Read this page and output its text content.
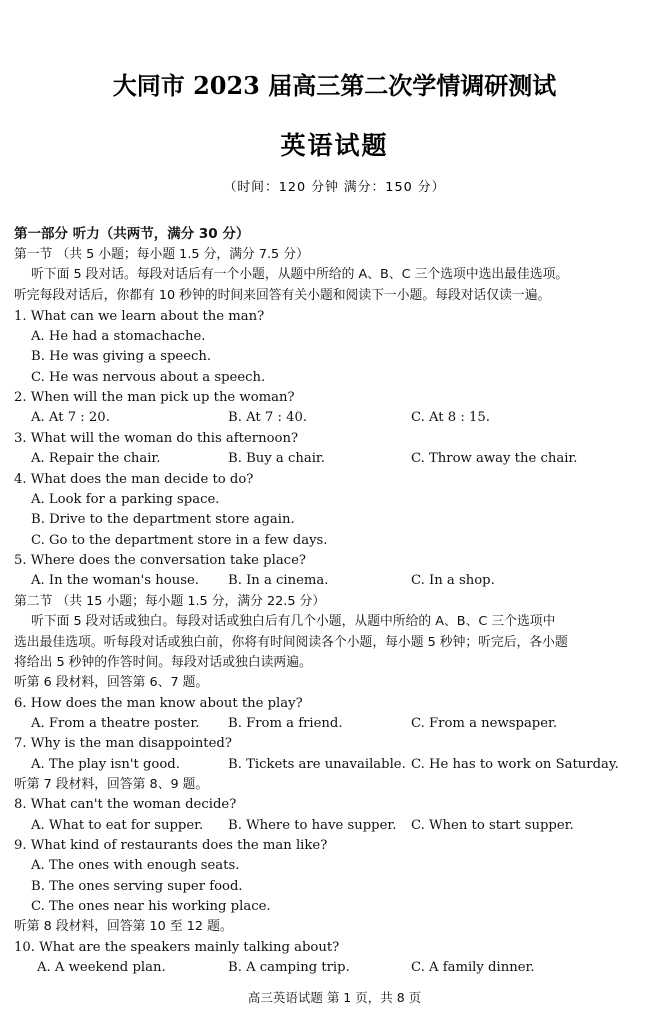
大同市 2023 届高三第二次学情调研测试
英语试题
（时间：120 分钟 满分：150 分）
第一部分 听力（共两节，满分 30 分）
第一节 （共 5 小题；每小题 1.5 分，满分 7.5 分）
听下面 5 段对话。每段对话后有一个小题，从题中所给的 A、B、C 三个选项中选出最佳选项。
听完每段对话后，你都有 10 秒钟的时间来回答有关小题和阅读下一小题。每段对话仅读一遍。
1. What can we learn about the man?
A. He had a stomachache.
B. He was giving a speech.
C. He was nervous about a speech.
2. When will the man pick up the woman?
A. At 7 : 20.	B. At 7 : 40.	C. At 8 : 15.
3. What will the woman do this afternoon?
A. Repair the chair.	B. Buy a chair.	C. Throw away the chair.
4. What does the man decide to do?
A. Look for a parking space.
B. Drive to the department store again.
C. Go to the department store in a few days.
5. Where does the conversation take place?
A. In the woman's house. B. In a cinema.	C. In a shop.
第二节 （共 15 小题；每小题 1.5 分，满分 22.5 分）
听下面 5 段对话或独白。每段对话或独白后有几个小题，从题中所给的 A、B、C 三个选项中
选出最佳选项。听每段对话或独白前，你将有时间阅读各个小题，每小题 5 秒钟；听完后，各小题
将给出 5 秒钟的作答时间。每段对话或独白读两遍。
听第 6 段材料，回答第 6、7 题。
6. How does the man know about the play?
A. From a theatre poster. B. From a friend.	C. From a newspaper.
7. Why is the man disappointed?
A. The play isn't good.	B. Tickets are unavailable. C. He has to work on Saturday.
听第 7 段材料，回答第 8、9 题。
8. What can't the woman decide?
A. What to eat for supper. B. Where to have supper. C. When to start supper.
9. What kind of restaurants does the man like?
A. The ones with enough seats.
B. The ones serving super food.
C. The ones near his working place.
听第 8 段材料，回答第 10 至 12 题。
10. What are the speakers mainly talking about?
A. A weekend plan.	B. A camping trip.	C. A family dinner.
高三英语试题 第 1 页，共 8 页
